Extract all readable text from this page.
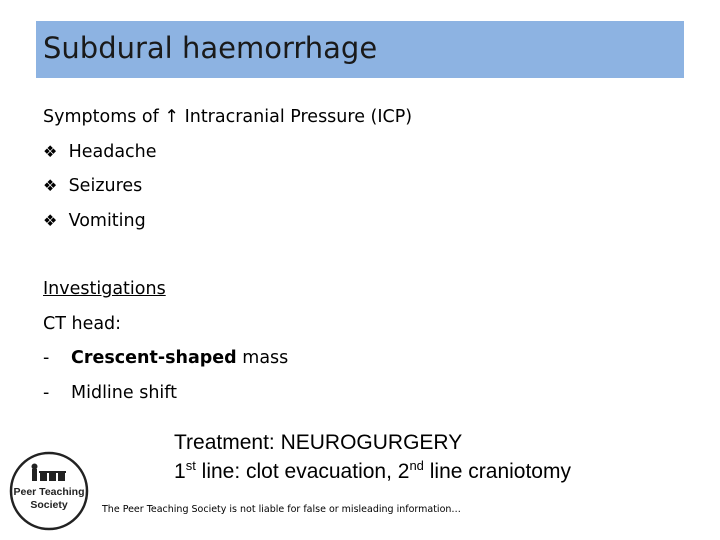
Subdural haemorrhage
Symptoms of ↑ Intracranial Pressure (ICP)
❖ Headache
❖ Seizures
❖ Vomiting
Investigations
CT head:
- Crescent-shaped mass
- Midline shift
Treatment: NEUROGURGERY
1st line: clot evacuation, 2nd line craniotomy
The Peer Teaching Society is not liable for false or misleading information…
Peer Teaching
Society
